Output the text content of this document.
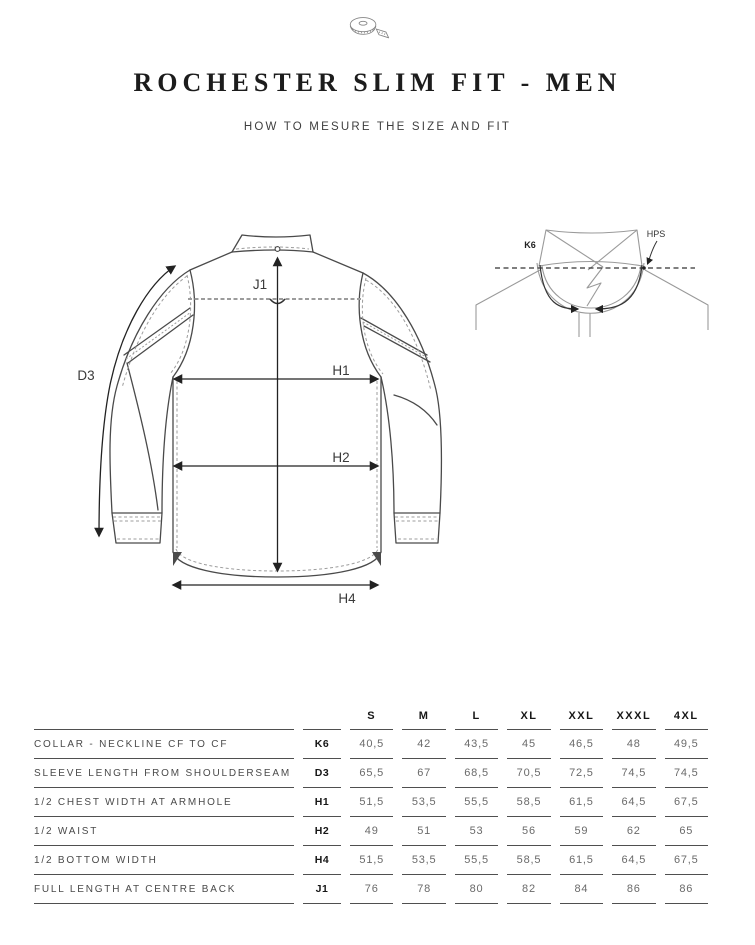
ROCHESTER SLIM FIT - MEN
HOW TO MESURE THE SIZE AND FIT
J1
H1
H2
H4
D3
K6
HPS
		S	M	L	XL	XXL	XXXL	4XL
COLLAR - NECKLINE CF TO CF	K6	40,5	42	43,5	45	46,5	48	49,5
SLEEVE LENGTH FROM SHOULDERSEAM	D3	65,5	67	68,5	70,5	72,5	74,5	74,5
1/2 CHEST WIDTH AT ARMHOLE	H1	51,5	53,5	55,5	58,5	61,5	64,5	67,5
1/2 WAIST	H2	49	51	53	56	59	62	65
1/2 BOTTOM WIDTH	H4	51,5	53,5	55,5	58,5	61,5	64,5	67,5
FULL LENGTH AT CENTRE BACK	J1	76	78	80	82	84	86	86
